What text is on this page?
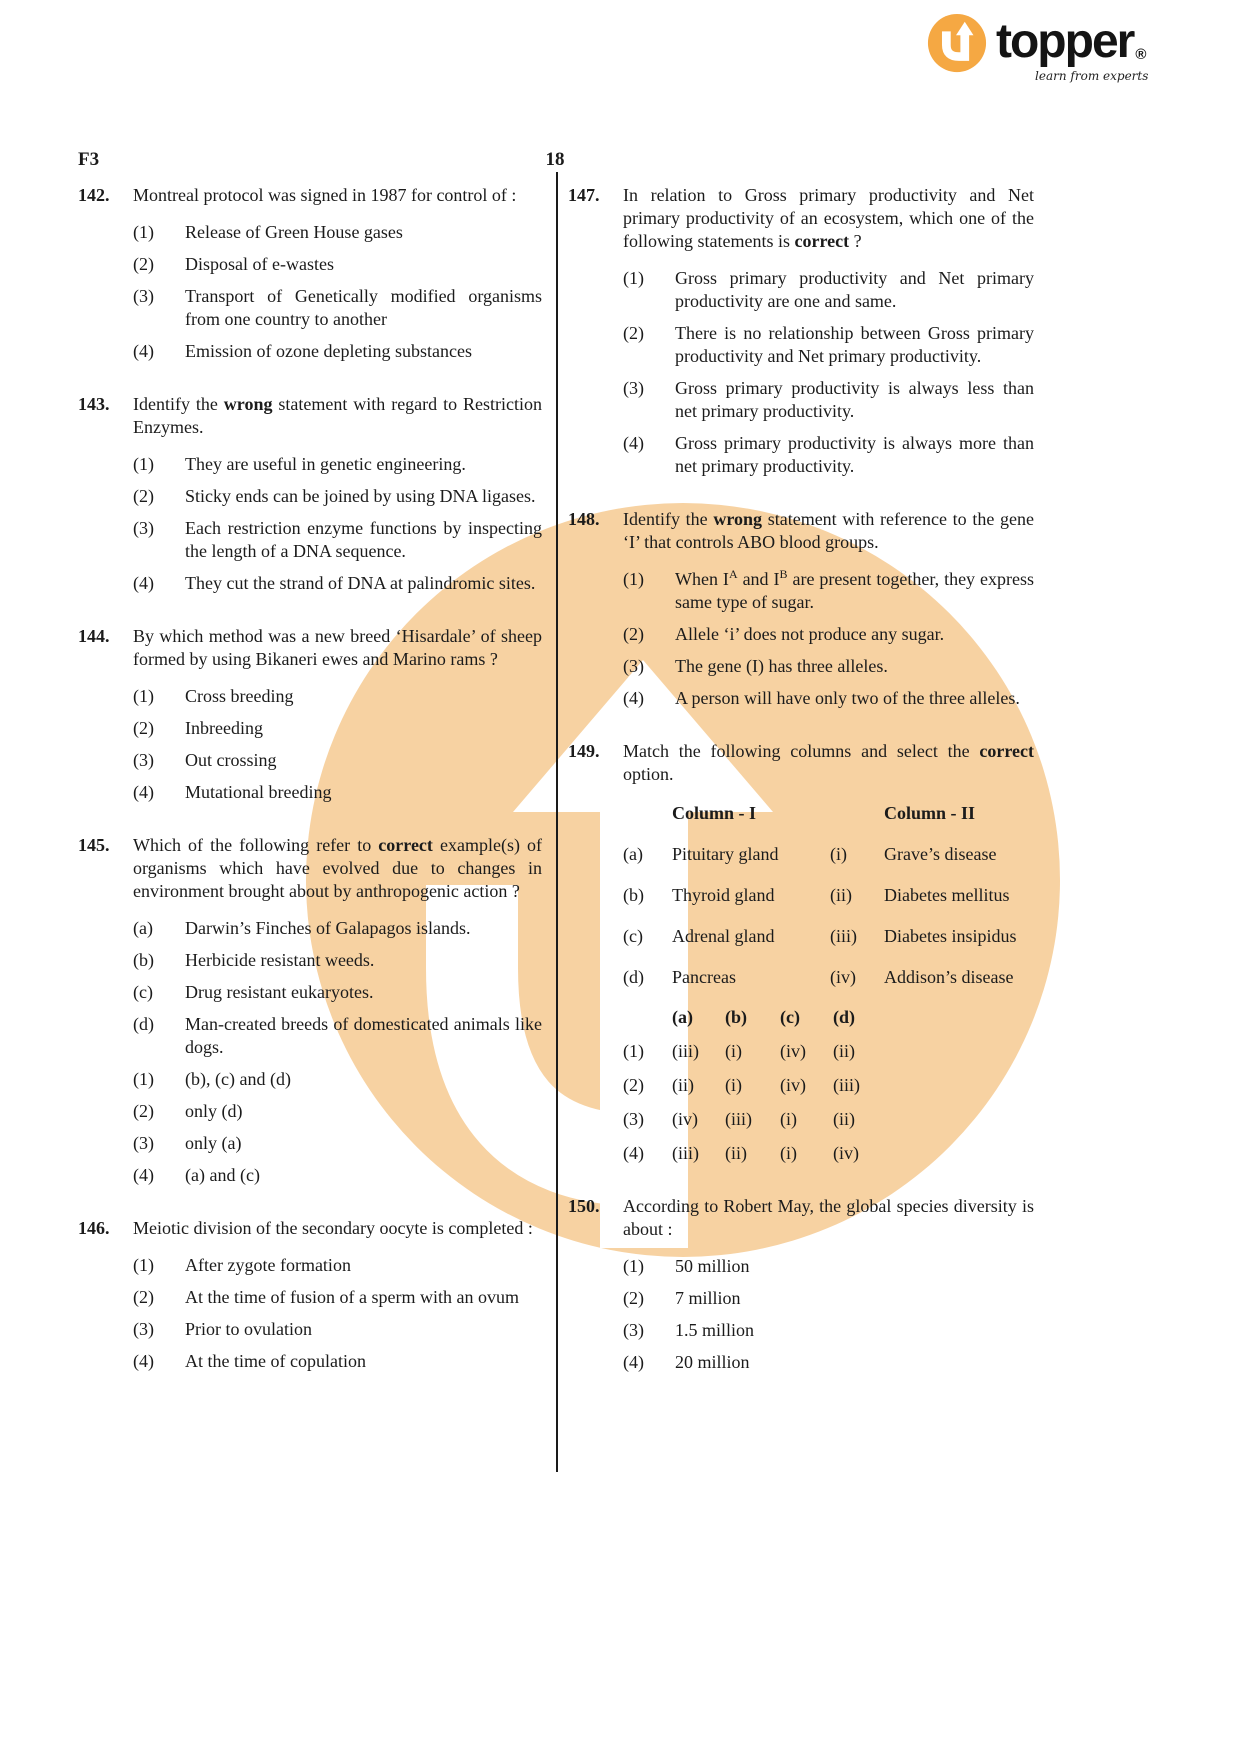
topper ®
learn from experts
F3	18
142.	Montreal protocol was signed in 1987 for control of :

(1)	Release of Green House gases
(2)	Disposal of e-wastes
(3)	Transport of Genetically modified organisms from one country to another
(4)	Emission of ozone depleting substances
143.	Identify the wrong statement with regard to Restriction Enzymes.

(1)	They are useful in genetic engineering.
(2)	Sticky ends can be joined by using DNA ligases.
(3)	Each restriction enzyme functions by inspecting the length of a DNA sequence.
(4)	They cut the strand of DNA at palindromic sites.
144.	By which method was a new breed ‘Hisardale’ of sheep formed by using Bikaneri ewes and Marino rams ?

(1)	Cross breeding
(2)	Inbreeding
(3)	Out crossing
(4)	Mutational breeding
145.	Which of the following refer to correct example(s) of organisms which have evolved due to changes in environment brought about by anthropogenic action ?

(a)	Darwin’s Finches of Galapagos islands.
(b)	Herbicide resistant weeds.
(c)	Drug resistant eukaryotes.
(d)	Man-created breeds of domesticated animals like dogs.
(1)	(b), (c) and (d)
(2)	only (d)
(3)	only (a)
(4)	(a) and (c)
146.	Meiotic division of the secondary oocyte is completed :

(1)	After zygote formation
(2)	At the time of fusion of a sperm with an ovum
(3)	Prior to ovulation
(4)	At the time of copulation
147.	In relation to Gross primary productivity and Net primary productivity of an ecosystem, which one of the following statements is correct ?

(1)	Gross primary productivity and Net primary productivity are one and same.
(2)	There is no relationship between Gross primary productivity and Net primary productivity.
(3)	Gross primary productivity is always less than net primary productivity.
(4)	Gross primary productivity is always more than net primary productivity.
148.	Identify the wrong statement with reference to the gene ‘I’ that controls ABO blood groups.

(1)	When $I^A$ and $I^B$ are present together, they express same type of sugar.
(2)	Allele ‘i’ does not produce any sugar.
(3)	The gene (I) has three alleles.
(4)	A person will have only two of the three alleles.
149.	Match the following columns and select the correct option.

Column - I	Column - II
(a)	Pituitary gland	(i)	Grave’s disease
(b)	Thyroid gland	(ii)	Diabetes mellitus
(c)	Adrenal gland	(iii)	Diabetes insipidus
(d)	Pancreas	(iv)	Addison’s disease
(a)	(b)	(c)	(d)
(1)	(iii)	(i)	(iv)	(ii)
(2)	(ii)	(i)	(iv)	(iii)
(3)	(iv)	(iii)	(i)	(ii)
(4)	(iii)	(ii)	(i)	(iv)
150.	According to Robert May, the global species diversity is about :

(1)	50 million
(2)	7 million
(3)	1.5 million
(4)	20 million
